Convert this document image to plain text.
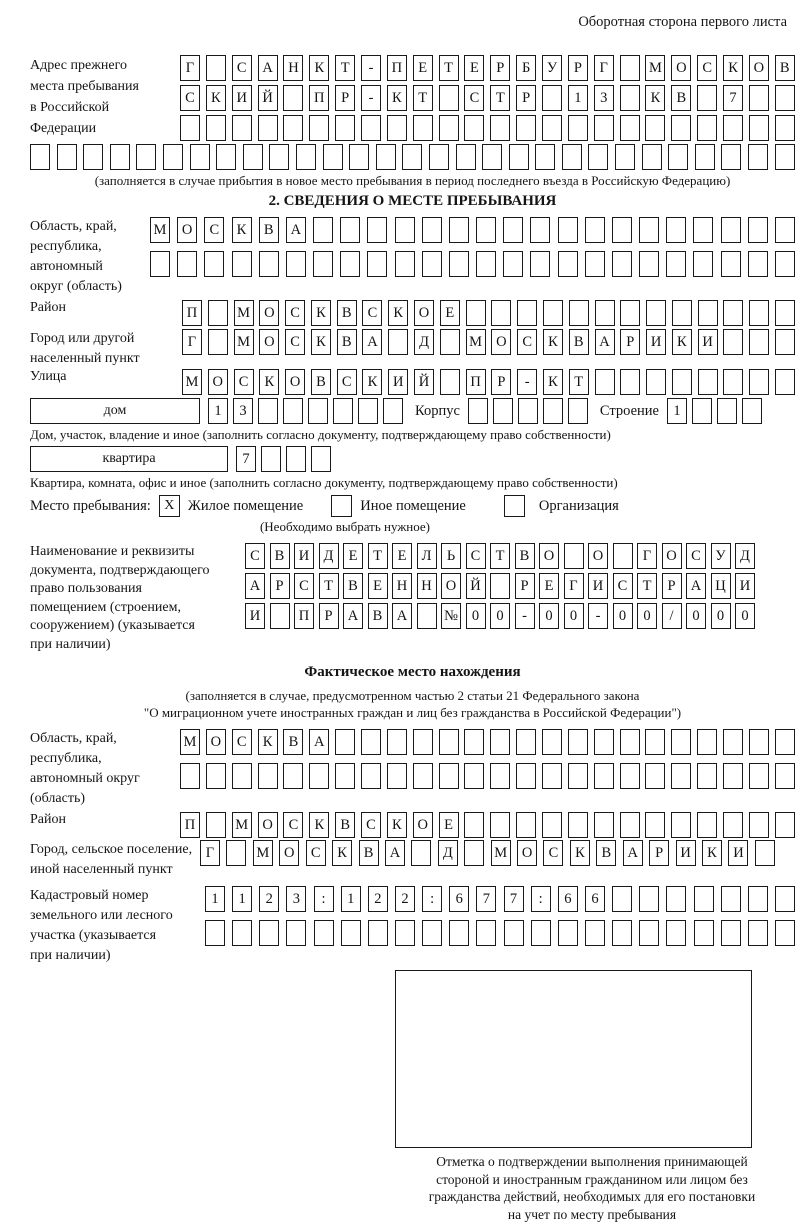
Оборотная сторона первого листа
Адрес прежнего
места пребывания
в Российской
Федерации
Г	С	А	Н	К	Т	-	П	Е	Т	Е	Р	Б	У	Р	Г	М О	С	К	О	В
С	К	И	Й	П	Р	-	К	Т	С	Т	Р	1	3	К	В	7
(заполняется в случае прибытия в новое место пребывания в период последнего въезда в Российскую Федерацию)
2. СВЕДЕНИЯ О МЕСТЕ ПРЕБЫВАНИЯ
Область, край,
республика,
автономный
округ (область)
М	О	С	К	В	А
Район	П	М О	С	К	В	С	К	О	Е
Город или другой
населенный пункт
Г	М О	С	К	В	А	Д	М О	С	К	В	А	Р	И	К	И
Улица	М О	С	К	О	В	С	К	И	Й	П	Р	-	К	Т
дом	1	3	Корпус	Строение 1
Дом, участок, владение и иное (заполнить согласно документу, подтверждающему право собственности)
квартира	7
Квартира, комната, офис и иное (заполнить согласно документу, подтверждающему право собственности)
Место пребывания: X Жилое помещение	Иное помещение	Организация
(Необходимо выбрать нужное)
Наименование и реквизиты
документа, подтверждающего
право пользования
помещением (строением,
сооружением) (указывается
при наличии)
С	В И Д	Е	Т	Е	Л	Ь	С	Т	В О	О	Г	О С	У Д
А	Р	С	Т	В	Е	Н Н О Й	Р	Е	Г	И С	Т	Р	А Ц И
И	П	Р	А В А	№ 0	0	-	0	0	-	0	0	/	0	0	0
Фактическое место нахождения
(заполняется в случае, предусмотренном частью 2 статьи 21 Федерального закона
"О миграционном учете иностранных граждан и лиц без гражданства в Российской Федерации")
Область, край,
республика,
автономный округ
(область)
М О	С	К	В	А
Район	П	М О	С	К	В	С	К	О	Е
Город, сельское поселение,
иной населенный пункт
Г	М	О	С	К	В	А	Д	М	О	С	К	В	А	Р	И	К	И
Кадастровый номер
земельного или лесного
участка (указывается
при наличии)
1	1	2	3	:	1	2	2	:	6	7	7	:	6	6
Отметка о подтверждении выполнения принимающей
стороной и иностранным гражданином или лицом без
гражданства действий, необходимых для его постановки
на учет по месту пребывания
